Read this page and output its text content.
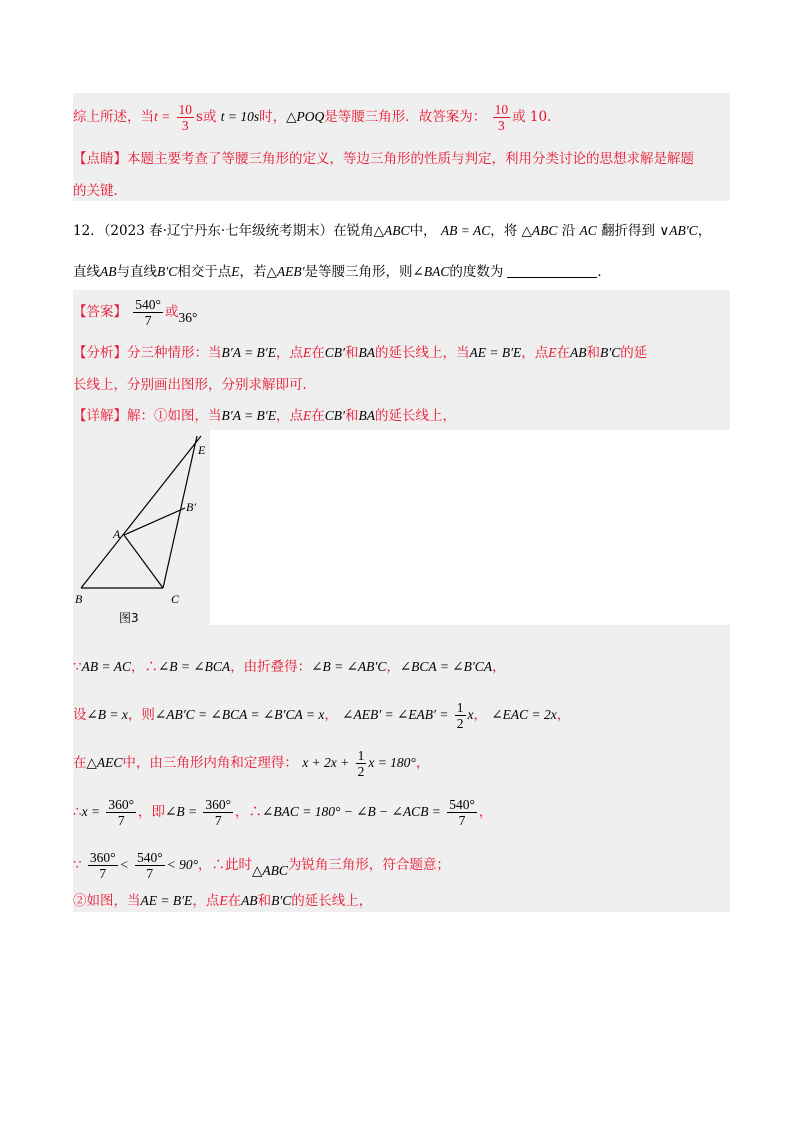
综上所述，当$t = \frac{10}{3}$ s或 t = 10s时，△POQ是等腰三角形．故答案为： $\frac{10}{3}$ 或 10．
【点睛】本题主要考查了等腰三角形的定义，等边三角形的性质与判定，利用分类讨论的思想求解是解题
的关键．
12．（2023 春·辽宁丹东·七年级统考期末）在锐角△ABC中， AB = AC，将 △ABC 沿 AC 翻折得到 ∨AB′C，
直线AB与直线B′C相交于点E，若△AEB′是等腰三角形，则∠BAC的度数为	．
【答案】 $\frac{540^\circ}{7}$ 或36°
【分析】分三种情形：当B′A = B′E，点E在CB′和BA的延长线上，当AE = B′E，点E在AB和B′C的延
长线上，分别画出图形，分别求解即可．
【详解】解：①如图，当B′A = B′E，点E在CB′和BA的延长线上，
E
B′
A
B	C
图3
∵AB = AC，∴∠B = ∠BCA，由折叠得：∠B = ∠AB′C，∠BCA = ∠B′CA，
设∠B = x，则∠AB′C = ∠BCA = ∠B′CA = x， ∠AEB′ = ∠EAB′ = $\frac{1}{2}$ x， ∠EAC = 2x，
在△AEC中，由三角形内角和定理得： $x + 2x + \frac{1}{2}$ x = 180°，
∴x = $\frac{360^\circ}{7}$ ，即∠B = $\frac{360^\circ}{7}$ ，∴∠BAC = 180° − ∠B − ∠ACB = $\frac{540^\circ}{7}$ ，
∵ $\frac{360^\circ}{7} < \frac{540^\circ}{7} < 90^\circ$，∴此时△ABC为锐角三角形，符合题意；
②如图，当AE = B′E，点E在AB和B′C的延长线上，
